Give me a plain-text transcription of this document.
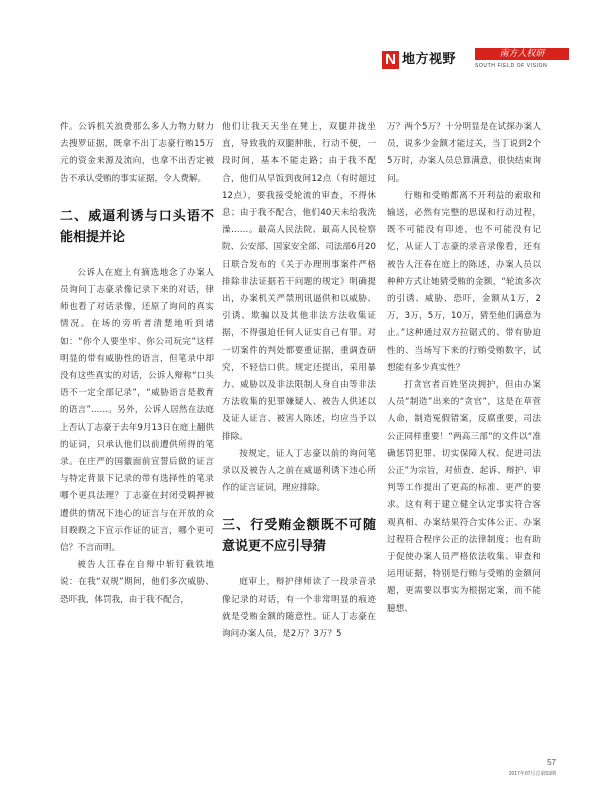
N 地方视野	南方人权研
SOUTH FIELD OF VISION

件。公诉机关浪费那么多人力物力财力去搜罗证据，既拿不出丁志豪行贿15万元的资金来源及流向，也拿不出否定被告不承认受贿的事实证据，令人费解。

二、威逼利诱与口头语不能相提并论

公诉人在庭上有摘选地念了办案人员询问丁志豪录像记录下来的对话，律师也看了对话录像，还原了询问的真实情况。在场的旁听者清楚地听到诸如：“你个人要坐牢、你公司玩完”这样明显的带有威胁性的语言，但笔录中却没有这些真实的对话，公诉人辩称“口头语不一定全部记录”，“威胁语言是教育的语言”……。另外，公诉人居然在法庭上否认丁志豪于去年9月13日在庭上翻供的证词，只承认他们以前遭供所得的笔录。在庄严的国徽面前宣誓后做的证言与特定背景下记录的带有选择性的笔录哪个更具法理？丁志豪在封闭受羁押被遭供的情况下违心的证言与在开放的众目睽睽之下宣示作证的证言，哪个更可信？不言而明。

被告人江春在自辩中斩钉截铁地说：在我“双规”期间，他们多次威胁、恐吓我，体罚我，由于我不配合，

他们让我天天坐在凳上，双腿并拢坐直，导致我的双腿肿胀，行动不便，一段时间，基本不能走路；由于我不配合，他们从早饭到夜间12点（有时超过12点），要我接受轮流的审查，不得休息；由于我不配合，他们40天未给我洗澡……。最高人民法院、最高人民检察院、公安部、国家安全部、司法部6月20日联合发布的《关于办理刑事案件严格排除非法证据若干问题的规定》明确提出，办案机关严禁刑讯逼供和以威胁、引诱、欺骗以及其他非法方法收集证据，不得强迫任何人证实自己有罪。对一切案件的判处都要重证据，重调查研究，不轻信口供。规定还提出，采用暴力、威胁以及非法限制人身自由等非法方法收集的犯罪嫌疑人、被告人供述以及证人证言、被害人陈述，均应当予以排除。

按规定，证人丁志豪以前的询问笔录以及被告人之前在威逼利诱下违心所作的证言证词，理应排除。

三、行受贿金额既不可随意说更不应引导猜

庭审上，辩护律师读了一段录音录像记录的对话，有一个非常明显的痕迹就是受贿金额的随意性。证人丁志豪在询问办案人员，是2万？3万？5

万？两个5万？十分明显是在试探办案人员，说多少金额才能过关，当丁说到2个5万时，办案人员总算满意，很快结束询问。

行贿和受贿都离不开利益的索取和输送，必然有完整的思谋和行动过程，既不可能没有印迹，也不可能没有记忆，从证人丁志豪的录音录像看，还有被告人汪春在庭上的陈述，办案人员以种种方式让她猜受贿的金额，“轮流多次的引诱、威胁、恐吓，金额从1万，2万，3万，5万，10万，猜至他们满意为止。”这种通过双方拉锯式的、带有胁迫性的、当场写下来的行贿受贿数字，试想能有多少真实性？

打贪官者百姓坚决拥护，但由办案人员“制造”出来的“贪官”，这是在草菅人命，制造冤假错案，反腐重要，司法公正同样重要！“两高三部”的文件以“准确惩罚犯罪、切实保障人权、促进司法公正”为宗旨，对侦查、起诉、辩护、审判等工作提出了更高的标准、更严的要求。这有利于建立健全认定事实符合客观真相、办案结果符合实体公正、办案过程符合程序公正的法律制度；也有助于促使办案人员严格依法收集、审查和运用证据，特别是行贿与受贿的金额问题，更需要以事实为根据定案，而不能臆想、

57
2017年07月总第53期
